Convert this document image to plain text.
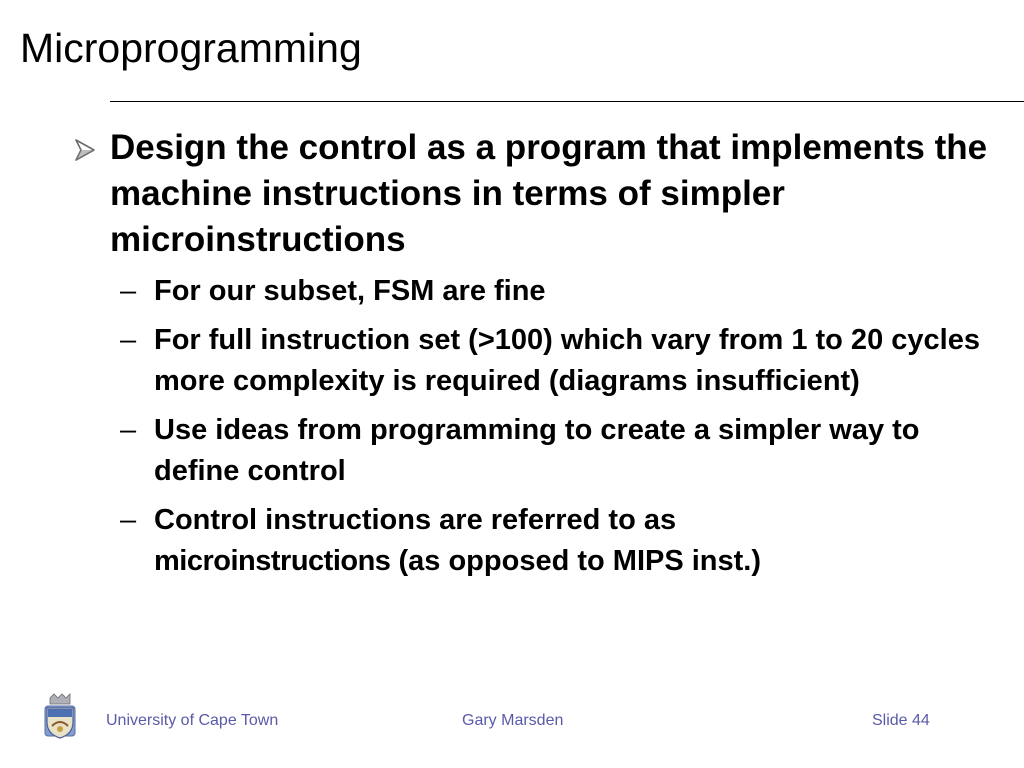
Microprogramming
Design the control as a program that implements the machine instructions in terms of simpler microinstructions
– For our subset, FSM are fine
– For full instruction set (>100) which vary from 1 to 20 cycles more complexity is required (diagrams insufficient)
– Use ideas from programming to create a simpler way to define control
– Control instructions are referred to as
microinstructions (as opposed to MIPS inst.)
University of Cape Town	Gary Marsden	Slide 44
